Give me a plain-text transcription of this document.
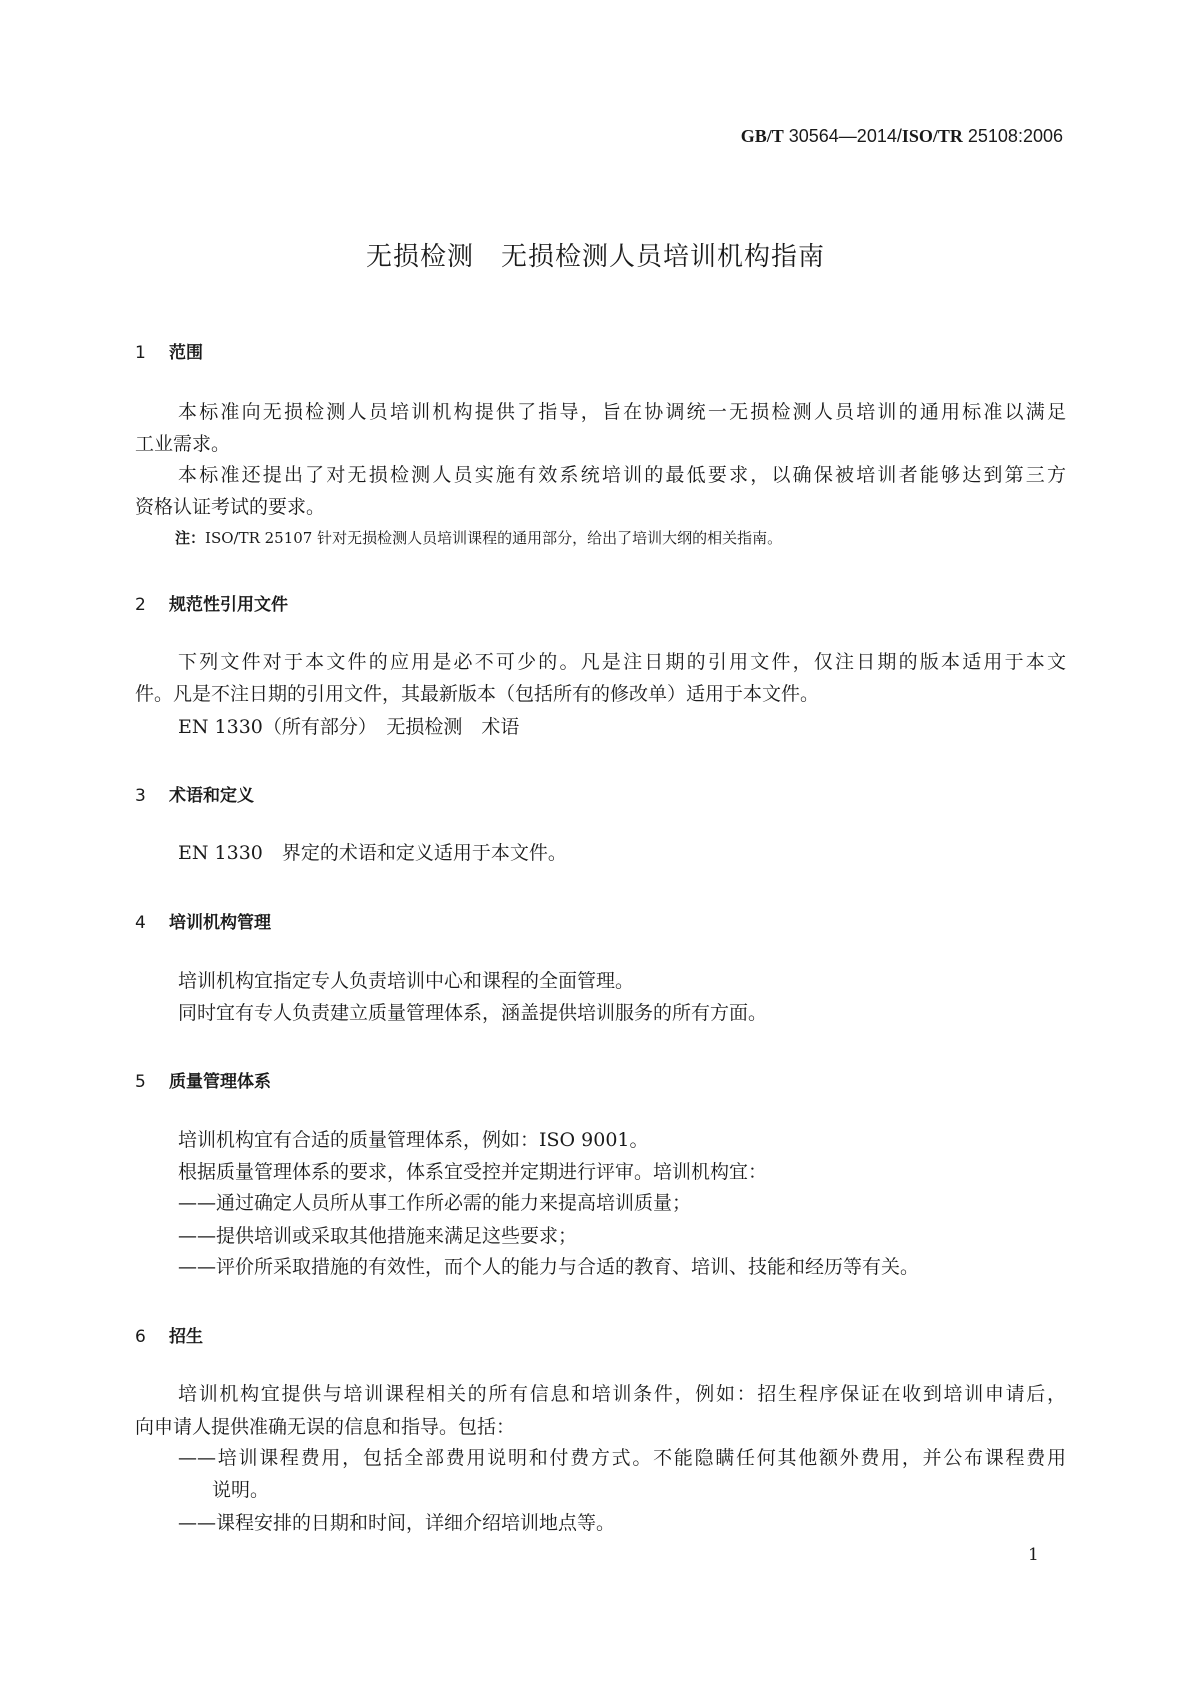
GB/T 30564—2014/ISO/TR 25108:2006
无损检测　无损检测人员培训机构指南
1 范围
本标准向无损检测人员培训机构提供了指导，旨在协调统一无损检测人员培训的通用标准以满足
工业需求。
本标准还提出了对无损检测人员实施有效系统培训的最低要求，以确保被培训者能够达到第三方
资格认证考试的要求。
注：ISO/TR 25107 针对无损检测人员培训课程的通用部分，给出了培训大纲的相关指南。
2 规范性引用文件
下列文件对于本文件的应用是必不可少的。凡是注日期的引用文件，仅注日期的版本适用于本文
件。凡是不注日期的引用文件，其最新版本（包括所有的修改单）适用于本文件。
EN 1330（所有部分）　无损检测　术语
3 术语和定义
EN 1330　界定的术语和定义适用于本文件。
4 培训机构管理
培训机构宜指定专人负责培训中心和课程的全面管理。
同时宜有专人负责建立质量管理体系，涵盖提供培训服务的所有方面。
5 质量管理体系
培训机构宜有合适的质量管理体系，例如：ISO 9001。
根据质量管理体系的要求，体系宜受控并定期进行评审。培训机构宜：
——通过确定人员所从事工作所必需的能力来提高培训质量；
——提供培训或采取其他措施来满足这些要求；
——评价所采取措施的有效性，而个人的能力与合适的教育、培训、技能和经历等有关。
6 招生
培训机构宜提供与培训课程相关的所有信息和培训条件，例如：招生程序保证在收到培训申请后，
向申请人提供准确无误的信息和指导。包括：
——培训课程费用，包括全部费用说明和付费方式。不能隐瞒任何其他额外费用，并公布课程费用
说明。
——课程安排的日期和时间，详细介绍培训地点等。
1
